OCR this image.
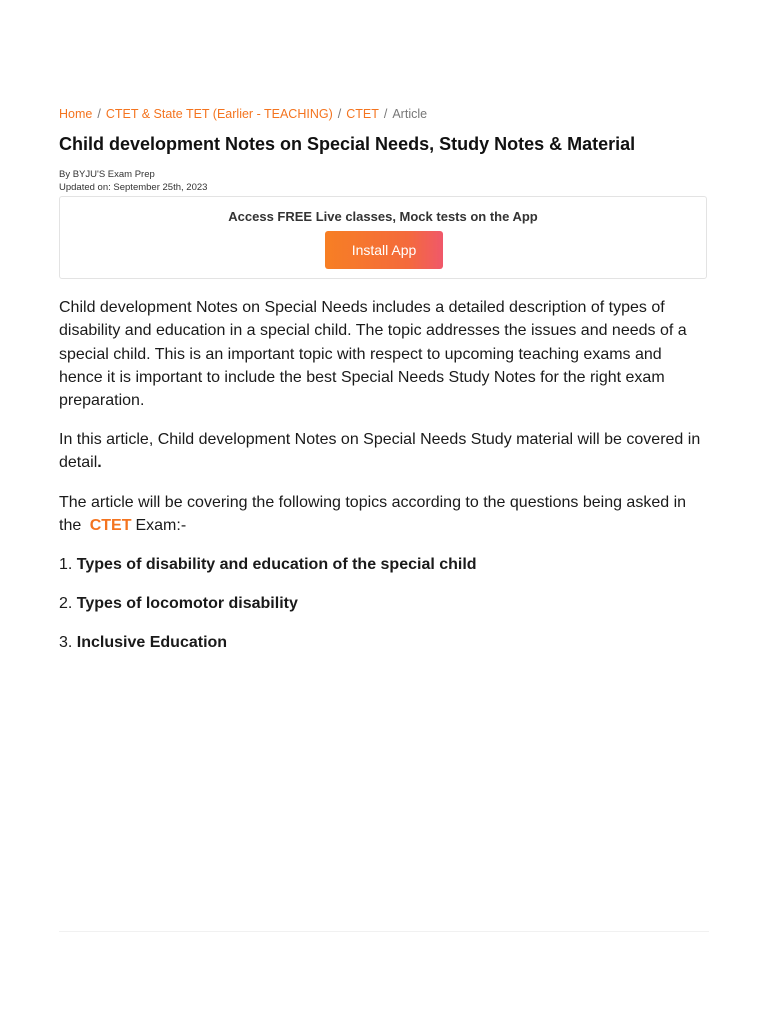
Home / CTET & State TET (Earlier - TEACHING) / CTET / Article
Child development Notes on Special Needs, Study Notes & Material
By BYJU'S Exam Prep
Updated on: September 25th, 2023
Access FREE Live classes, Mock tests on the App
Install App

Child development Notes on Special Needs includes a detailed description of types of disability and education in a special child. The topic addresses the issues and needs of a special child. This is an important topic with respect to upcoming teaching exams and hence it is important to include the best Special Needs Study Notes for the right exam preparation.

In this article, Child development Notes on Special Needs Study material will be covered in detail.

The article will be covering the following topics according to the questions being asked in the CTET Exam:-

1. Types of disability and education of the special child
2. Types of locomotor disability
3. Inclusive Education
